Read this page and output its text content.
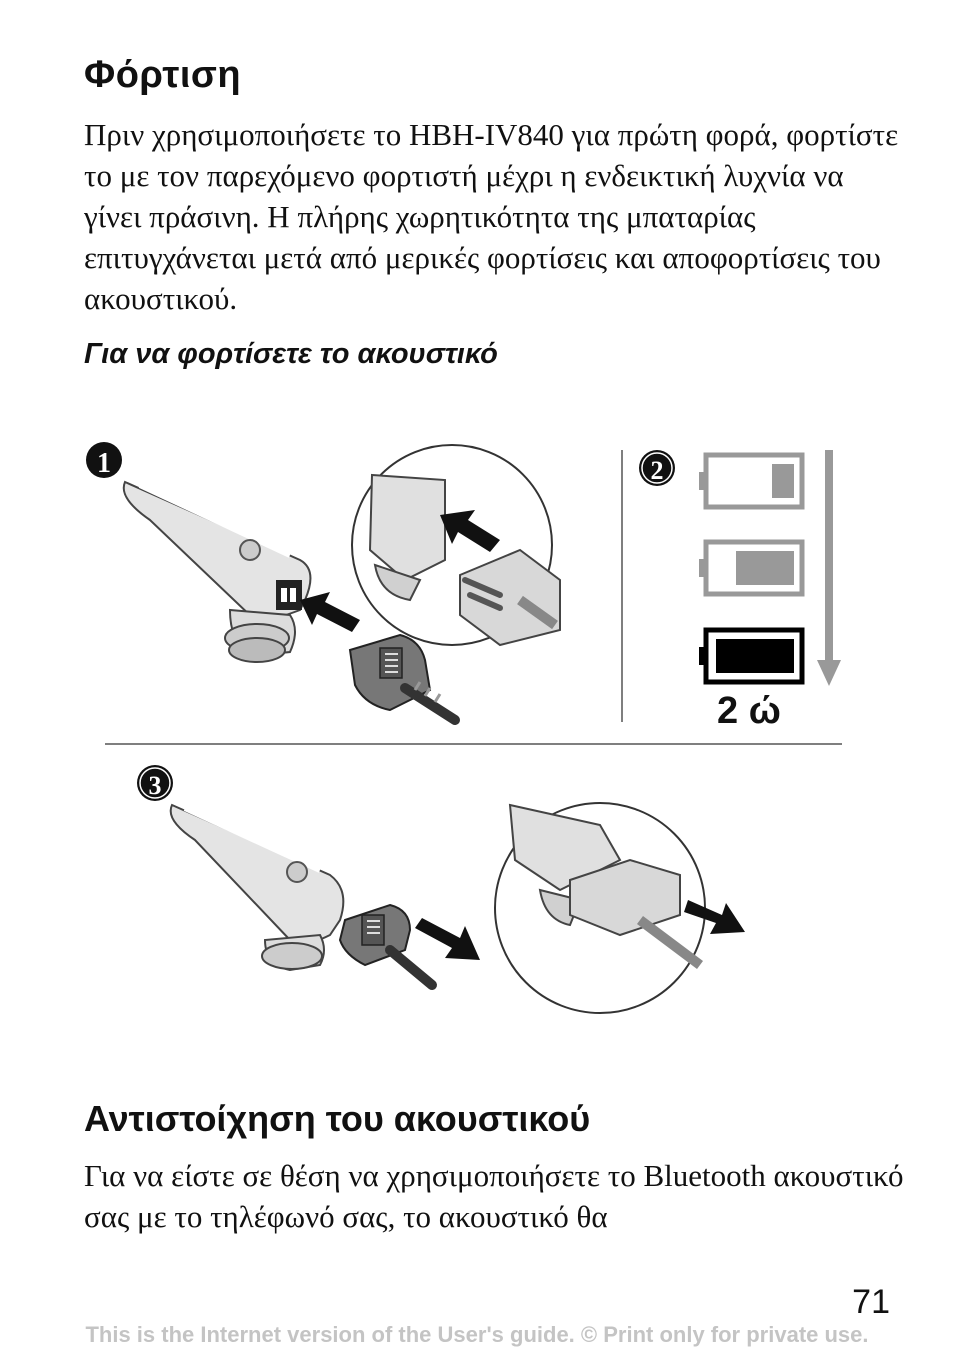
Φόρτιση

Πριν χρησιμοποιήσετε το HBH-IV840 για πρώτη φορά, φορτίστε το με τον παρεχόμενο φορτιστή μέχρι η ενδεικτική λυχνία να γίνει πράσινη. Η πλήρης χωρητικότητα της μπαταρίας επιτυγχάνεται μετά από μερικές φορτίσεις και αποφορτίσεις του ακουστικού.

Για να φορτίσετε το ακουστικό
1	2
3
2 ώ
Αντιστοίχηση του ακουστικού

Για να είστε σε θέση να χρησιμοποιήσετε το Bluetooth ακουστικό σας με το τηλέφωνό σας, το ακουστικό θα

71
This is the Internet version of the User's guide. © Print only for private use.
